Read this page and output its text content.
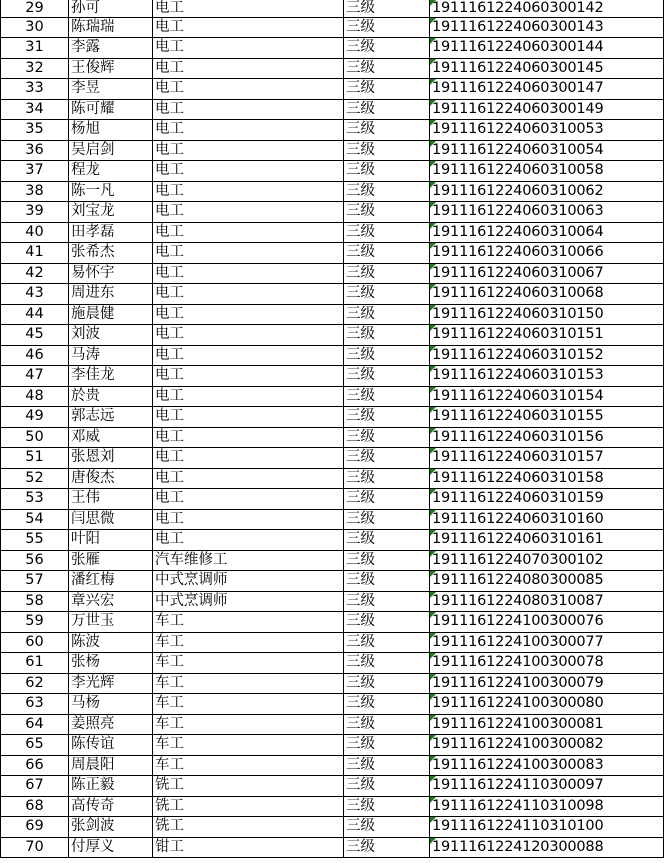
29	孙可	电工	三级	1911161224060300142
30	陈瑞瑞	电工	三级	1911161224060300143
31	李露	电工	三级	1911161224060300144
32	王俊辉	电工	三级	1911161224060300145
33	李昱	电工	三级	1911161224060300147
34	陈可耀	电工	三级	1911161224060300149
35	杨旭	电工	三级	1911161224060310053
36	吴启剑	电工	三级	1911161224060310054
37	程龙	电工	三级	1911161224060310058
38	陈一凡	电工	三级	1911161224060310062
39	刘宝龙	电工	三级	1911161224060310063
40	田孝磊	电工	三级	1911161224060310064
41	张希杰	电工	三级	1911161224060310066
42	易怀宇	电工	三级	1911161224060310067
43	周进东	电工	三级	1911161224060310068
44	施晨健	电工	三级	1911161224060310150
45	刘波	电工	三级	1911161224060310151
46	马涛	电工	三级	1911161224060310152
47	李佳龙	电工	三级	1911161224060310153
48	於贵	电工	三级	1911161224060310154
49	郭志远	电工	三级	1911161224060310155
50	邓威	电工	三级	1911161224060310156
51	张恩刘	电工	三级	1911161224060310157
52	唐俊杰	电工	三级	1911161224060310158
53	王伟	电工	三级	1911161224060310159
54	闫思微	电工	三级	1911161224060310160
55	叶阳	电工	三级	1911161224060310161
56	张雁	汽车维修工	三级	1911161224070300102
57	潘红梅	中式烹调师	三级	1911161224080300085
58	章兴宏	中式烹调师	三级	1911161224080310087
59	万世玉	车工	三级	1911161224100300076
60	陈波	车工	三级	1911161224100300077
61	张杨	车工	三级	1911161224100300078
62	李光辉	车工	三级	1911161224100300079
63	马杨	车工	三级	1911161224100300080
64	姜照亮	车工	三级	1911161224100300081
65	陈传谊	车工	三级	1911161224100300082
66	周晨阳	车工	三级	1911161224100300083
67	陈正毅	铣工	三级	1911161224110300097
68	高传奇	铣工	三级	1911161224110310098
69	张剑波	铣工	三级	1911161224110310100
70	付厚义	钳工	三级	1911161224120300088
